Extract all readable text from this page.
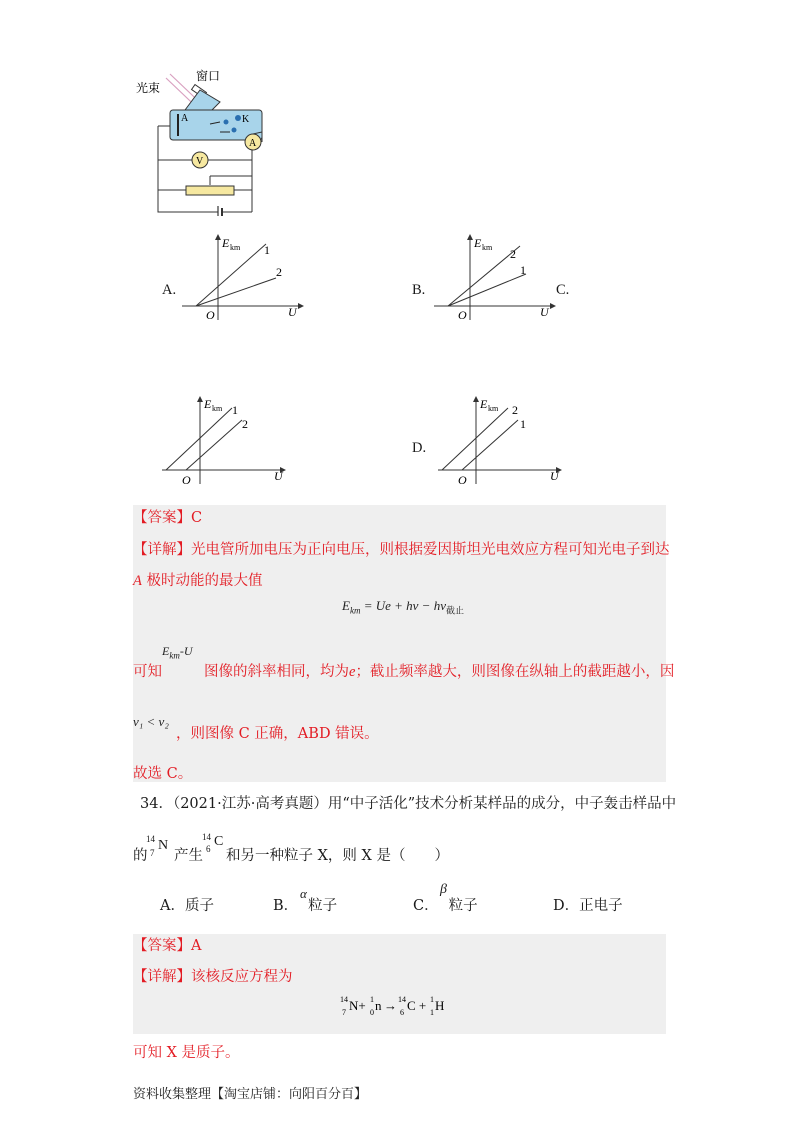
光束
窗口
A	K
V
A
A.
E km
O	U
1
2
B.
E km
O	U
2
1
C.
E km
O	U
1
2
D.
E km
O	U
2
1
【答案】C
【详解】光电管所加电压为正向电压，则根据爱因斯坦光电效应方程可知光电子到达
A 极时动能的最大值
$E_{km} = Ue + h\nu - h\nu_{截止}$
可知
$E_{km}-U$
图像的斜率相同，均为e；截止频率越大，则图像在纵轴上的截距越小，因
ν₁ < ν₂
，则图像 C 正确，ABD 错误。
故选 C。
34．（2021·江苏·高考真题）用“中子活化”技术分析某样品的成分，中子轰击样品中
的
14
7 N
产生
14
6 C
和另一种粒子 X，则 X 是（　　）
A．质子	B． 粒子
α
C． 粒子
β
D．正电子
【答案】A
【详解】该核反应方程为
14
7 N+ 1
0 n → 14
6 C + 1
1 H
可知 X 是质子。
资料收集整理【淘宝店铺：向阳百分百】
